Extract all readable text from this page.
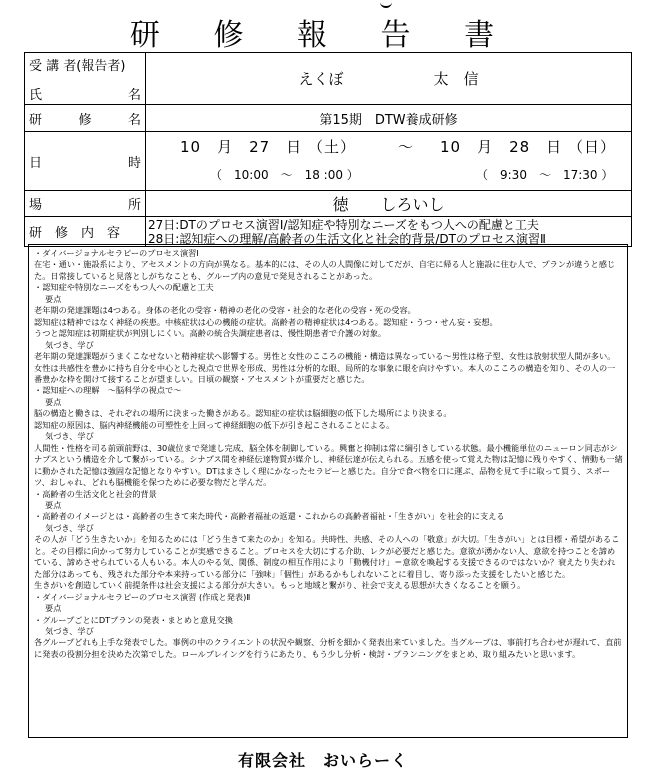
研 修 報 告 書
受 講 者(報告者)
氏 名	えくぼ　　　　　　太　信

研 修 名	第15期　DTW養成研修

日 時	10　月　27　日 （土） 〜 10　月　28　日 （日）
（　10:00　〜　18 :00 ） （　9:30　〜　17:30 ）

場 所	徳　　しろいし

研　修　内　容	27日:DTのプロセス演習Ⅰ/認知症や特別なニーズをもつ人への配慮と工夫
28日:認知症への理解/高齢者の生活文化と社会的背景/DTのプロセス演習Ⅱ

・ダイバージョナルセラピーのプロセス演習Ⅰ

在宅・通い・施設系により、アセスメントの方向が異なる。基本的には、その人の人間像に対してだが、自宅に帰る人と施設に住む人で、プランが違うと感じた。日常接していると見落としがちなことも、グループ内の意見で発見されることがあった。

・認知症や特別なニーズをもつ人への配慮と工夫

要点

老年期の発達課題は4つある。身体の老化の受容・精神の老化の受容・社会的な老化の受容・死の受容。

認知症は精神ではなく神経の疾患。中核症状は心の機能の症状。高齢者の精神症状は4つある。認知症・うつ・せん妄・妄想。

うつと認知症は初期症状が判別しにくい。高齢の統合失調症患者は、慢性期患者で介護の対象。

気づき、学び

老年期の発達課題がうまくこなせないと精神症状へ影響する。男性と女性のこころの機能・構造は異なっている〜男性は格子型、女性は放射状型人間が多い。女性は共感性を豊かに持ち自分を中心とした視点で世界を形成、男性は分析的な眼、局所的な事象に眼を向けやすい。本人のこころの構造を知り、その人の一番豊かな枠を開けて接することが望ましい。日頃の観察・アセスメントが重要だと感じた。

・認知症への理解　〜脳科学の視点で〜

要点

脳の構造と働きは、それぞれの場所に決まった働きがある。認知症の症状は脳細胞の低下した場所により決まる。

認知症の原因は、脳内神経機能の可塑性を上回って神経細胞の低下が引き起こされることによる。

気づき、学び

人間性・性格を司る前頭前野は、30歳位まで発達し完成、脳全体を制御している。興奮と抑制は常に綱引きしている状態。最小機能単位のニューロン同志がシナプスという構造を介して繋がっている。シナプス間を神経伝達物質が媒介し、神経伝達が伝えられる。五感を使って覚えた物は記憶に残りやすく、情動も一緒に動かされた記憶は強固な記憶となりやすい。DTはまさしく理にかなったセラピーと感じた。自分で食べ物を口に運ぶ、品物を見て手に取って買う、スポーツ、おしゃれ、どれも脳機能を保つために必要な物だと学んだ。

・高齢者の生活文化と社会的背景

要点

・高齢者のイメージとは・高齢者の生きて来た時代・高齢者福祉の返還・これからの高齢者福祉・「生きがい」を社会的に支える

気づき、学び

その人が「どう生きたいか」を知るためには「どう生きて来たのか」を知る。共時性、共感、その人への「敬意」が大切。「生きがい」とは目標・希望があること。その目標に向かって努力していることが実感できること。プロセスを大切にする介助、レクが必要だと感じた。意欲が湧かない人、意欲を持つことを諦めている、諦めさせられている人もいる。本人のやる気、関係、制度の相互作用により「動機付け」＝意欲を喚起する支援できるのではないか？衰えたり失われた部分はあっても、残された部分や本来持っている部分に「強味」「個性」があるかもしれないことに着目し、寄り添った支援をしたいと感じた。

生きがいを創造していく前提条件は社会支援による部分が大きい。もっと地域と繋がり、社会で支える思想が大きくなることを願う。

・ダイバージョナルセラピーのプロセス演習 (作成と発表)Ⅱ

要点

・グループごとにDTプランの発表・まとめと意見交換

気づき、学び

各グループどれも上手な発表でした。事例の中のクライエントの状況や観察、分析を細かく発表出来ていました。当グループは、事前打ち合わせが遅れて、直前に発表の役割分担を決めた次第でした。ロールプレイングを行うにあたり、もう少し分析・検討・プランニングをまとめ、取り組みたいと思います。

有限会社　おいらーく
